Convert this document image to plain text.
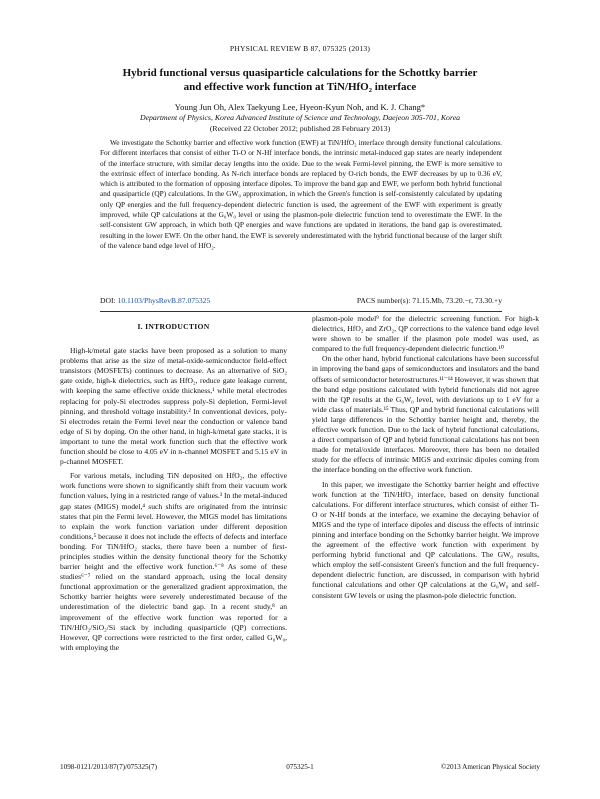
PHYSICAL REVIEW B 87, 075325 (2013)
Hybrid functional versus quasiparticle calculations for the Schottky barrier
and effective work function at TiN/HfO₂ interface
Young Jun Oh, Alex Taekyung Lee, Hyeon-Kyun Noh, and K. J. Chang*
Department of Physics, Korea Advanced Institute of Science and Technology, Daejeon 305-701, Korea
(Received 22 October 2012; published 28 February 2013)
We investigate the Schottky barrier and effective work function (EWF) at TiN/HfO₂ interface through density functional calculations. For different interfaces that consist of either Ti-O or N-Hf interface bonds, the intrinsic metal-induced gap states are nearly independent of the interface structure, with similar decay lengths into the oxide. Due to the weak Fermi-level pinning, the EWF is more sensitive to the extrinsic effect of interface bonding. As N-rich interface bonds are replaced by O-rich bonds, the EWF decreases by up to 0.36 eV, which is attributed to the formation of opposing interface dipoles. To improve the band gap and EWF, we perform both hybrid functional and quasiparticle (QP) calculations. In the GW₀ approximation, in which the Green's function is self-consistently calculated by updating only QP energies and the full frequency-dependent dielectric function is used, the agreement of the EWF with experiment is greatly improved, while QP calculations at the G₀W₀ level or using the plasmon-pole dielectric function tend to overestimate the EWF. In the self-consistent GW approach, in which both QP energies and wave functions are updated in iterations, the band gap is overestimated, resulting in the lower EWF. On the other hand, the EWF is severely underestimated with the hybrid functional because of the larger shift of the valence band edge level of HfO₂.
DOI: 10.1103/PhysRevB.87.075325	PACS number(s): 71.15.Mb, 73.20.−r, 73.30.+y
I. INTRODUCTION

High-k/metal gate stacks have been proposed as a solution to many problems that arise as the size of metal-oxide-semiconductor field-effect transistors (MOSFETs) continues to decrease. As an alternative of SiO₂ gate oxide, high-k dielectrics, such as HfO₂, reduce gate leakage current, with keeping the same effective oxide thickness,¹ while metal electrodes replacing for poly-Si electrodes suppress poly-Si depletion, Fermi-level pinning, and threshold voltage instability.² In conventional devices, poly-Si electrodes retain the Fermi level near the conduction or valence band edge of Si by doping. On the other hand, in high-k/metal gate stacks, it is important to tune the metal work function such that the effective work function should be close to 4.05 eV in n-channel MOSFET and 5.15 eV in p-channel MOSFET.

For various metals, including TiN deposited on HfO₂, the effective work functions were shown to significantly shift from their vacuum work function values, lying in a restricted range of values.³ In the metal-induced gap states (MIGS) model,⁴ such shifts are originated from the intrinsic states that pin the Fermi level. However, the MIGS model has limitations to explain the work function variation under different deposition conditions,⁵ because it does not include the effects of defects and interface bonding. For TiN/HfO₂ stacks, there have been a number of first-principles studies within the density functional theory for the Schottky barrier height and the effective work function.⁶⁻⁸ As some of these studies⁶⁻⁷ relied on the standard approach, using the local density functional approximation or the generalized gradient approximation, the Schottky barrier heights were severely underestimated because of the underestimation of the dielectric band gap. In a recent study,⁸ an improvement of the effective work function was reported for a TiN/HfO₂/SiO₂/Si stack by including quasiparticle (QP) corrections. However, QP corrections were restricted to the first order, called G₀W₀, with employing the

plasmon-pole model⁹ for the dielectric screening function. For high-k dielectrics, HfO₂ and ZrO₂, QP corrections to the valence band edge level were shown to be smaller if the plasmon pole model was used, as compared to the full frequency-dependent dielectric function.¹⁰

On the other hand, hybrid functional calculations have been successful in improving the band gaps of semiconductors and insulators and the band offsets of semiconductor heterostructures.¹¹⁻¹⁴ However, it was shown that the band edge positions calculated with hybrid functionals did not agree with the QP results at the G₀W₀ level, with deviations up to 1 eV for a wide class of materials.¹⁵ Thus, QP and hybrid functional calculations will yield large differences in the Schottky barrier height and, thereby, the effective work function. Due to the lack of hybrid functional calculations, a direct comparison of QP and hybrid functional calculations has not been made for metal/oxide interfaces. Moreover, there has been no detailed study for the effects of intrinsic MIGS and extrinsic dipoles coming from the interface bonding on the effective work function.

In this paper, we investigate the Schottky barrier height and effective work function at the TiN/HfO₂ interface, based on density functional calculations. For different interface structures, which consist of either Ti-O or N-Hf bonds at the interface, we examine the decaying behavior of MIGS and the type of interface dipoles and discuss the effects of intrinsic pinning and interface bonding on the Schottky barrier height. We improve the agreement of the effective work function with experiment by performing hybrid functional and QP calculations. The GW₀ results, which employ the self-consistent Green's function and the full frequency-dependent dielectric function, are discussed, in comparison with hybrid functional calculations and other QP calculations at the G₀W₀ and self-consistent GW levels or using the plasmon-pole dielectric function.

1098-0121/2013/87(7)/075325(7)	075325-1	©2013 American Physical Society
